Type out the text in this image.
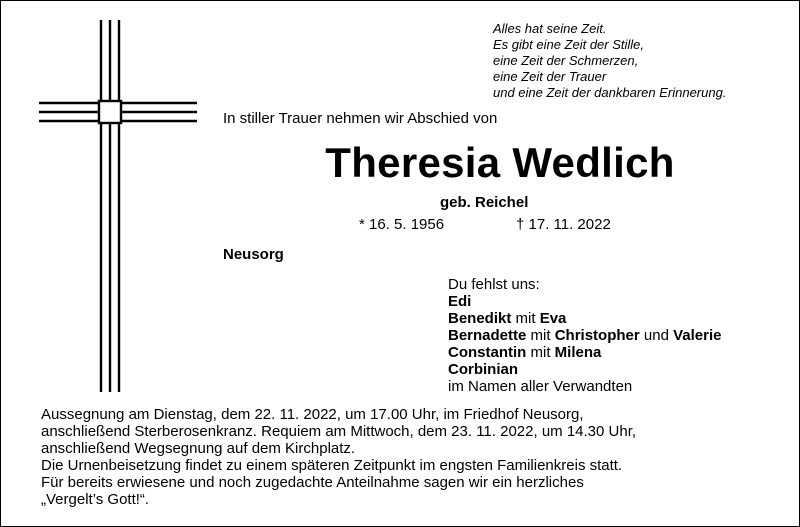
Alles hat seine Zeit.
Es gibt eine Zeit der Stille,
eine Zeit der Schmerzen,
eine Zeit der Trauer
und eine Zeit der dankbaren Erinnerung.
In stiller Trauer nehmen wir Abschied von
Theresia Wedlich
geb. Reichel
* 16. 5. 1956	† 17. 11. 2022
Neusorg
Du fehlst uns:
Edi
Benedikt mit Eva
Bernadette mit Christopher und Valerie
Constantin mit Milena
Corbinian
im Namen aller Verwandten
Aussegnung am Dienstag, dem 22. 11. 2022, um 17.00 Uhr, im Friedhof Neusorg,
anschließend Sterberosenkranz. Requiem am Mittwoch, dem 23. 11. 2022, um 14.30 Uhr,
anschließend Wegsegnung auf dem Kirchplatz.
Die Urnenbeisetzung findet zu einem späteren Zeitpunkt im engsten Familienkreis statt.
Für bereits erwiesene und noch zugedachte Anteilnahme sagen wir ein herzliches
„Vergelt’s Gott!“.
